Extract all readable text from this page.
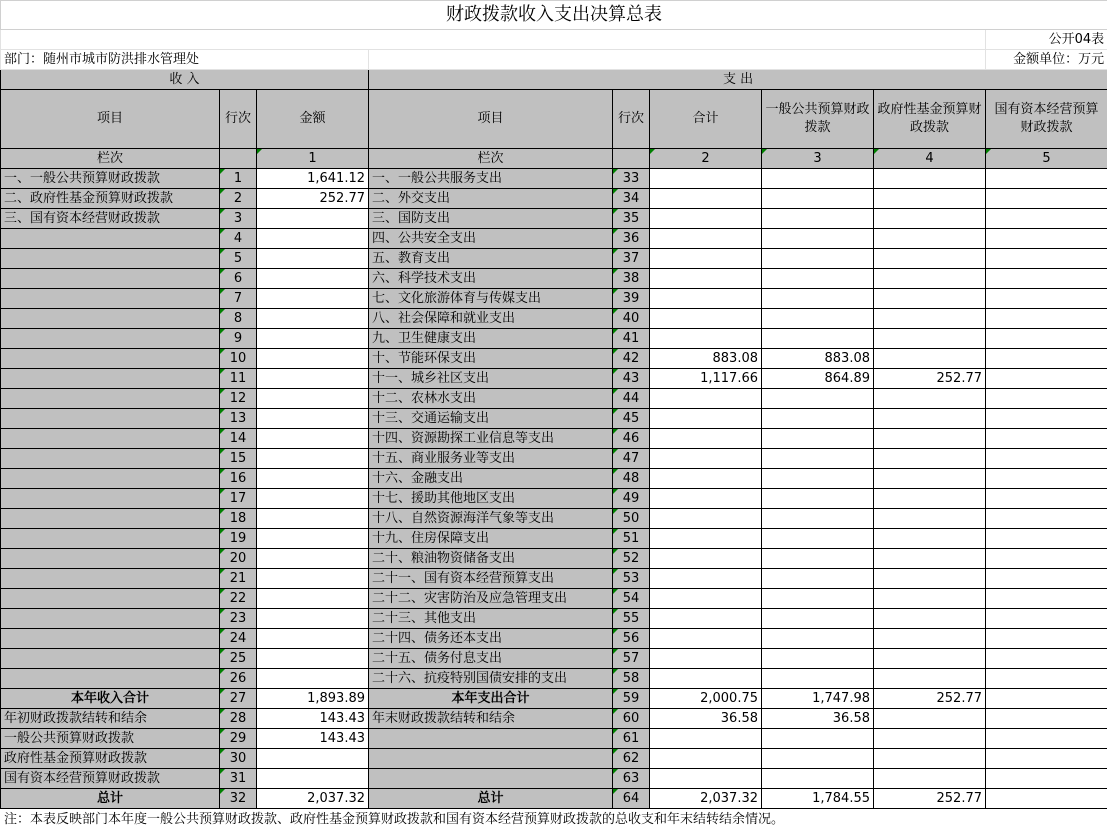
财政拨款收入支出决算总表								
								公开04表
部门：随州市城市防洪排水管理处								金额单位：万元
收 入			支 出					
项目	行次	金额	项目	行次	合计	一般公共预算财政拨款	政府性基金预算财政拨款	国有资本经营预算财政拨款
栏次		1	栏次		2	3	4	5
一、一般公共预算财政拨款	1	1,641.12	一、一般公共服务支出	33				
二、政府性基金预算财政拨款	2	252.77	二、外交支出	34				
三、国有资本经营财政拨款	3		三、国防支出	35				
	4		四、公共安全支出	36				
	5		五、教育支出	37				
	6		六、科学技术支出	38				
	7		七、文化旅游体育与传媒支出	39				
	8		八、社会保障和就业支出	40				
	9		九、卫生健康支出	41				
	10		十、节能环保支出	42	883.08	883.08		
	11		十一、城乡社区支出	43	1,117.66	864.89	252.77	
	12		十二、农林水支出	44				
	13		十三、交通运输支出	45				
	14		十四、资源勘探工业信息等支出	46				
	15		十五、商业服务业等支出	47				
	16		十六、金融支出	48				
	17		十七、援助其他地区支出	49				
	18		十八、自然资源海洋气象等支出	50				
	19		十九、住房保障支出	51				
	20		二十、粮油物资储备支出	52				
	21		二十一、国有资本经营预算支出	53				
	22		二十二、灾害防治及应急管理支出	54				
	23		二十三、其他支出	55				
	24		二十四、债务还本支出	56				
	25		二十五、债务付息支出	57				
	26		二十六、抗疫特别国债安排的支出	58				
本年收入合计	27	1,893.89	本年支出合计	59	2,000.75	1,747.98	252.77	
年初财政拨款结转和结余	28	143.43	年末财政拨款结转和结余	60	36.58	36.58		
一般公共预算财政拨款	29	143.43		61				
政府性基金预算财政拨款	30			62				
国有资本经营预算财政拨款	31			63				
总计	32	2,037.32	总计	64	2,037.32	1,784.55	252.77	
注：本表反映部门本年度一般公共预算财政拨款、政府性基金预算财政拨款和国有资本经营预算财政拨款的总收支和年末结转结余情况。
